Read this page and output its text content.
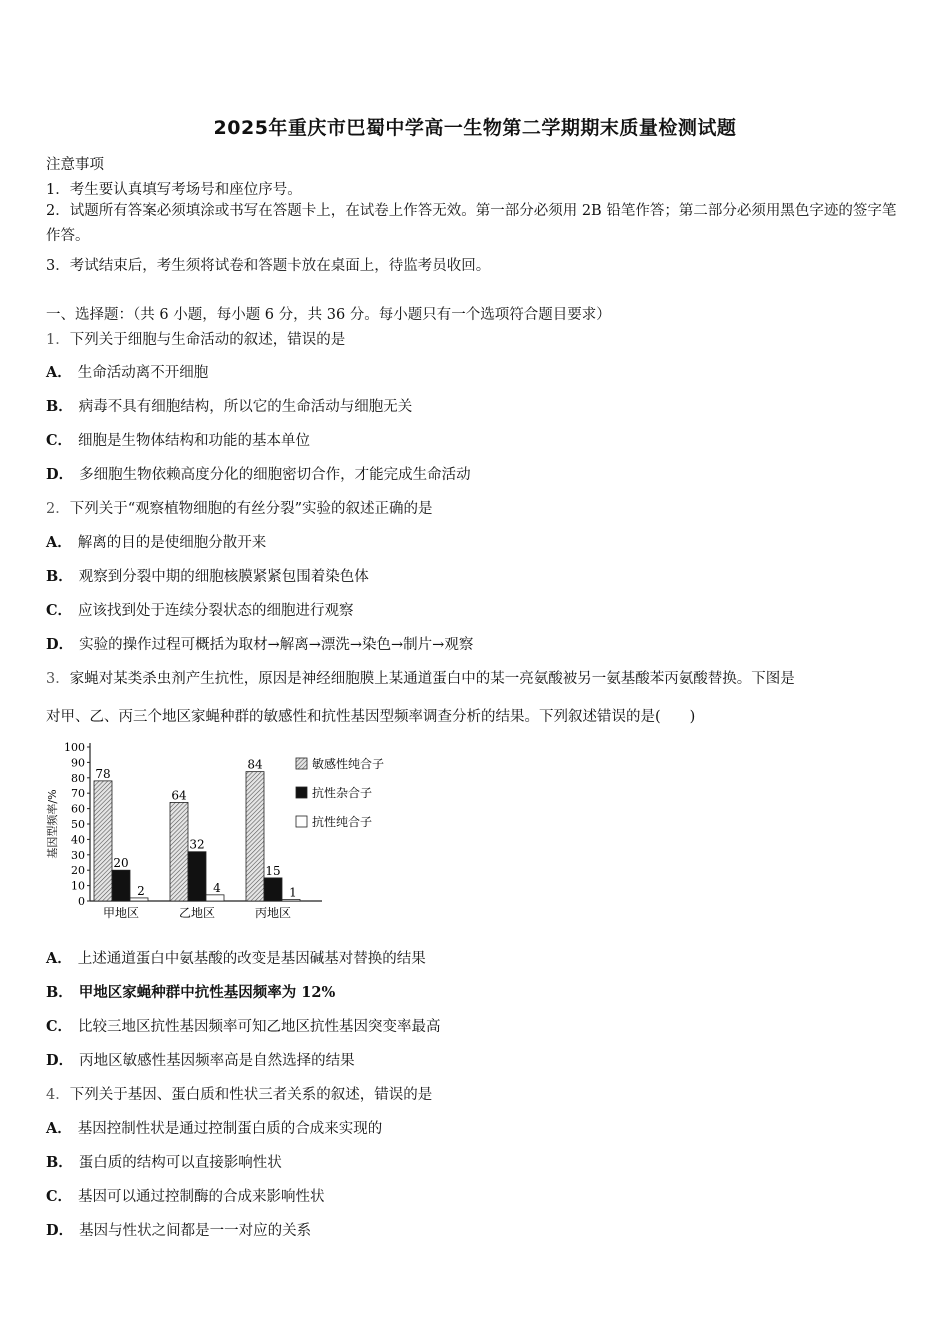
2025年重庆市巴蜀中学高一生物第二学期期末质量检测试题
注意事项
1．考生要认真填写考场号和座位序号。
2．试题所有答案必须填涂或书写在答题卡上，在试卷上作答无效。第一部分必须用 2B 铅笔作答；第二部分必须用黑色字迹的签字笔作答。
3．考试结束后，考生须将试卷和答题卡放在桌面上，待监考员收回。
一、选择题：（共 6 小题，每小题 6 分，共 36 分。每小题只有一个选项符合题目要求）
1．下列关于细胞与生命活动的叙述，错误的是
A． 生命活动离不开细胞
B． 病毒不具有细胞结构，所以它的生命活动与细胞无关
C． 细胞是生物体结构和功能的基本单位
D． 多细胞生物依赖高度分化的细胞密切合作，才能完成生命活动
2．下列关于“观察植物细胞的有丝分裂”实验的叙述正确的是
A． 解离的目的是使细胞分散开来
B． 观察到分裂中期的细胞核膜紧紧包围着染色体
C． 应该找到处于连续分裂状态的细胞进行观察
D． 实验的操作过程可概括为取材→解离→漂洗→染色→制片→观察
3．家蝇对某类杀虫剂产生抗性，原因是神经细胞膜上某通道蛋白中的某一亮氨酸被另一氨基酸苯丙氨酸替换。下图是
对甲、乙、丙三个地区家蝇种群的敏感性和抗性基因型频率调查分析的结果。下列叙述错误的是(　　)
基因型频率/%
0
10
20
30
40
50
60
70
80
90
100
78
20
2
甲地区
64
32
4
乙地区
84
15
1
丙地区
敏感性纯合子
抗性杂合子
抗性纯合子
A． 上述通道蛋白中氨基酸的改变是基因碱基对替换的结果
B． 甲地区家蝇种群中抗性基因频率为 12%
C． 比较三地区抗性基因频率可知乙地区抗性基因突变率最高
D． 丙地区敏感性基因频率高是自然选择的结果
4．下列关于基因、蛋白质和性状三者关系的叙述，错误的是
A． 基因控制性状是通过控制蛋白质的合成来实现的
B． 蛋白质的结构可以直接影响性状
C． 基因可以通过控制酶的合成来影响性状
D． 基因与性状之间都是一一对应的关系
